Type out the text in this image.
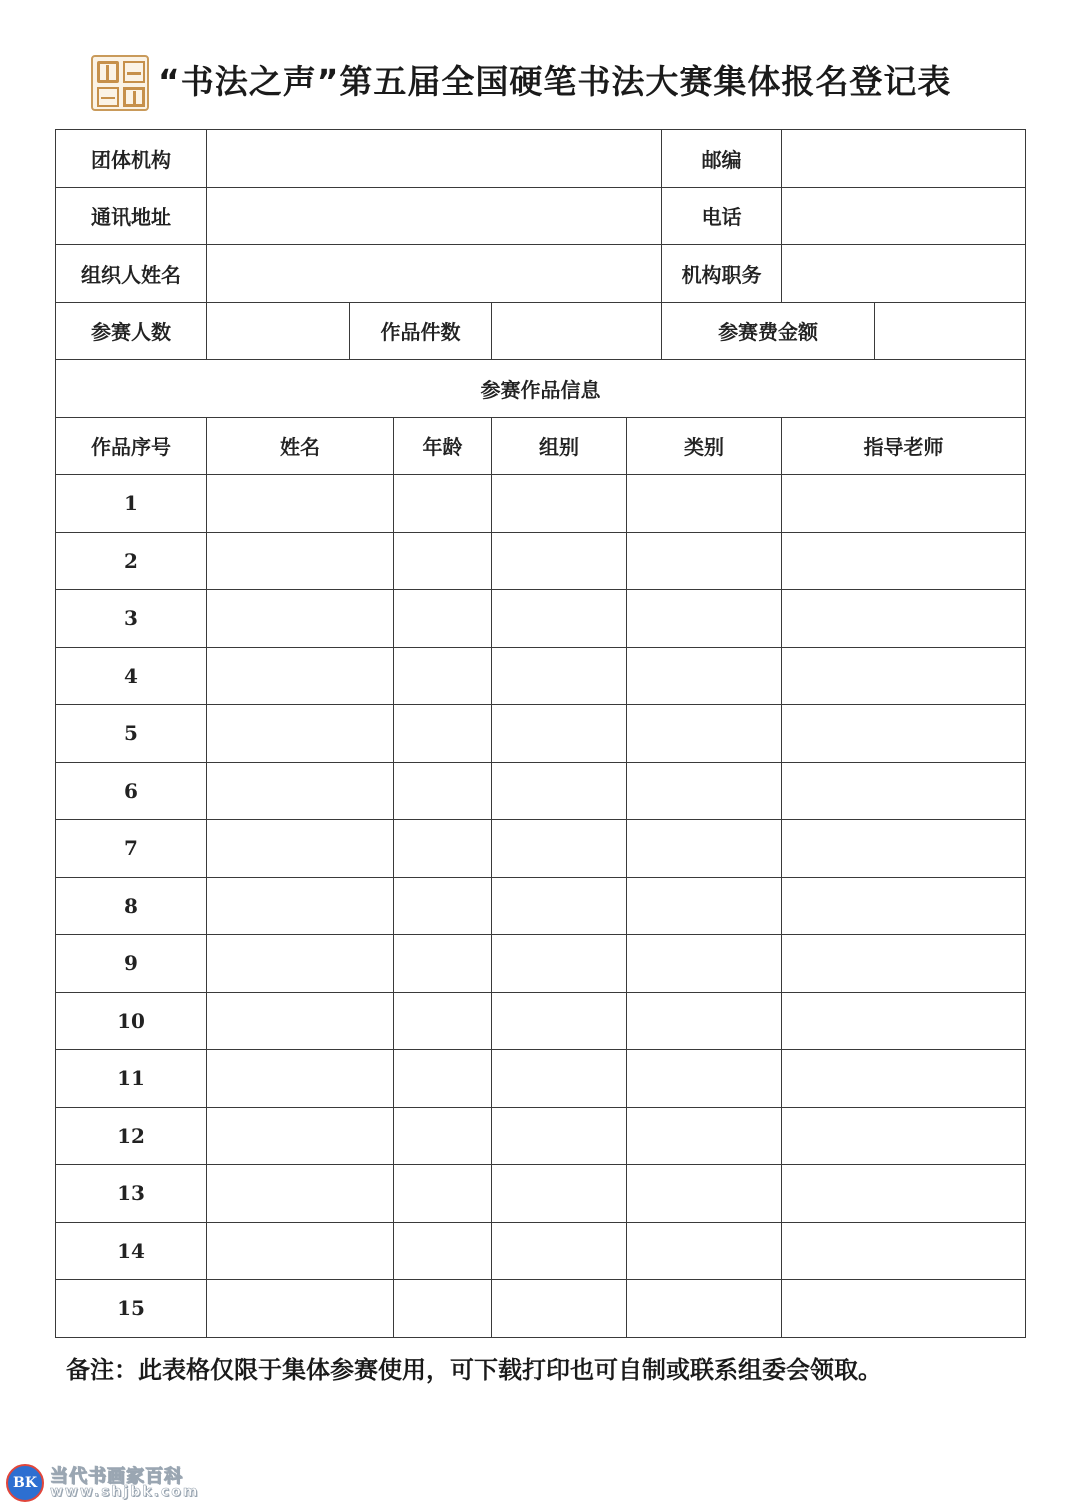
“书法之声”第五届全国硬笔书法大赛集体报名登记表
团体机构						邮编		
通讯地址						电话		
组织人姓名						机构职务		
参赛人数		作品件数				参赛费金额		
参赛作品信息								
作品序号	姓名		年龄	组别	类别		指导老师	
1								
2								
3								
4								
5								
6								
7								
8								
9								
10								
11								
12								
13								
14								
15								
备注：此表格仅限于集体参赛使用，可下载打印也可自制或联系组委会领取。
BK 当代书画家百科
www.shjbk.com
